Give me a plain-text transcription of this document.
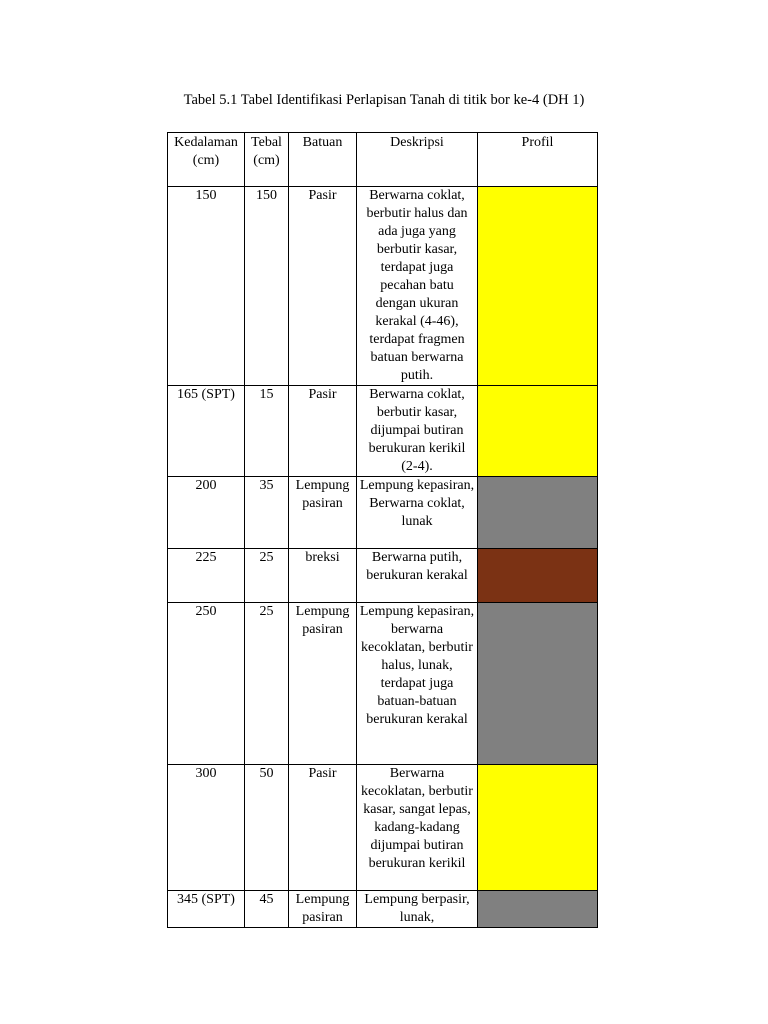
Tabel 5.1 Tabel Identifikasi Perlapisan Tanah di titik bor ke-4 (DH 1)
Kedalaman (cm)	Tebal (cm)	Batuan	Deskripsi	Profil
150	150	Pasir	Berwarna coklat, berbutir halus dan ada juga yang berbutir kasar, terdapat juga pecahan batu dengan ukuran kerakal (4-46), terdapat fragmen batuan berwarna putih.	
165 (SPT)	15	Pasir	Berwarna coklat, berbutir kasar, dijumpai butiran berukuran kerikil (2-4).	
200	35	Lempung pasiran	Lempung kepasiran, Berwarna coklat, lunak	
225	25	breksi	Berwarna putih, berukuran kerakal	
250	25	Lempung pasiran	Lempung kepasiran, berwarna kecoklatan, berbutir halus, lunak, terdapat juga batuan-batuan berukuran kerakal	
300	50	Pasir	Berwarna kecoklatan, berbutir kasar, sangat lepas, kadang-kadang dijumpai butiran berukuran kerikil	
345 (SPT)	45	Lempung pasiran	Lempung berpasir, lunak,	
